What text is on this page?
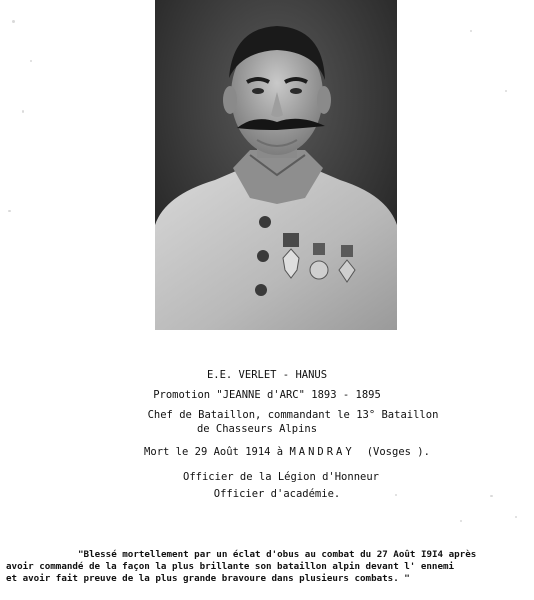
E.E. VERLET - HANUS
Promotion "JEANNE d'ARC" 1893 - 1895
Chef de Bataillon, commandant le 13° Bataillon
de Chasseurs Alpins
Mort le 29 Août 1914 à MANDRAY (Vosges ).
Officier de la Légion d'Honneur
Officier d'académie.
"Blessé mortellement par un éclat d'obus au combat du 27 Août I9I4 après
avoir commandé de la façon la plus brillante son bataillon alpin devant l' ennemi
et avoir fait preuve de la plus grande bravoure dans plusieurs combats. "
